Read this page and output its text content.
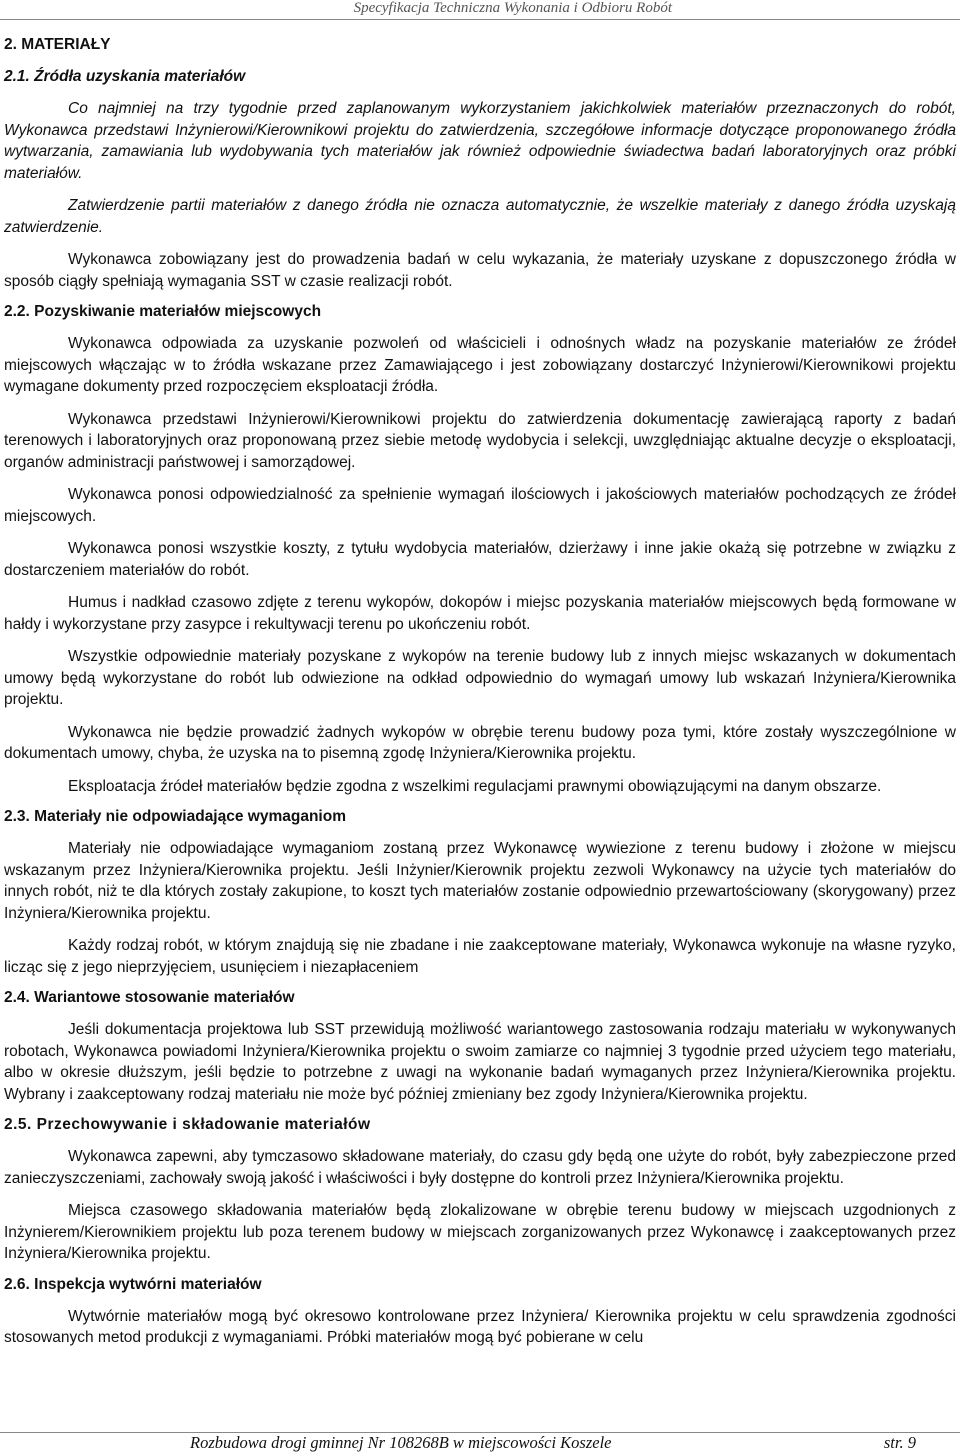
Specyfikacja Techniczna Wykonania i Odbioru Robót
2. MATERIAŁY
2.1. Źródła uzyskania materiałów

Co najmniej na trzy tygodnie przed zaplanowanym wykorzystaniem jakichkolwiek materiałów przeznaczonych do robót, Wykonawca przedstawi Inżynierowi/Kierownikowi projektu do zatwierdzenia, szczegółowe informacje dotyczące proponowanego źródła wytwarzania, zamawiania lub wydobywania tych materiałów jak również odpowiednie świadectwa badań laboratoryjnych oraz próbki materiałów.

Zatwierdzenie partii materiałów z danego źródła nie oznacza automatycznie, że wszelkie materiały z danego źródła uzyskają zatwierdzenie.

Wykonawca zobowiązany jest do prowadzenia badań w celu wykazania, że materiały uzyskane z dopuszczonego źródła w sposób ciągły spełniają wymagania SST w czasie realizacji robót.

2.2. Pozyskiwanie materiałów miejscowych

Wykonawca odpowiada za uzyskanie pozwoleń od właścicieli i odnośnych władz na pozyskanie materiałów ze źródeł miejscowych włączając w to źródła wskazane przez Zamawiającego i jest zobowiązany dostarczyć Inżynierowi/Kierownikowi projektu wymagane dokumenty przed rozpoczęciem eksploatacji źródła.

Wykonawca przedstawi Inżynierowi/Kierownikowi projektu do zatwierdzenia dokumentację zawierającą raporty z badań terenowych i laboratoryjnych oraz proponowaną przez siebie metodę wydobycia i selekcji, uwzględniając aktualne decyzje o eksploatacji, organów administracji państwowej i samorządowej.

Wykonawca ponosi odpowiedzialność za spełnienie wymagań ilościowych i jakościowych materiałów pochodzących ze źródeł miejscowych.

Wykonawca ponosi wszystkie koszty, z tytułu wydobycia materiałów, dzierżawy i inne jakie okażą się potrzebne w związku z dostarczeniem materiałów do robót.

Humus i nadkład czasowo zdjęte z terenu wykopów, dokopów i miejsc pozyskania materiałów miejscowych będą formowane w hałdy i wykorzystane przy zasypce i rekultywacji terenu po ukończeniu robót.

Wszystkie odpowiednie materiały pozyskane z wykopów na terenie budowy lub z innych miejsc wskazanych w dokumentach umowy będą wykorzystane do robót lub odwiezione na odkład odpowiednio do wymagań umowy lub wskazań Inżyniera/Kierownika projektu.

Wykonawca nie będzie prowadzić żadnych wykopów w obrębie terenu budowy poza tymi, które zostały wyszczególnione w dokumentach umowy, chyba, że uzyska na to pisemną zgodę Inżyniera/Kierownika projektu.

Eksploatacja źródeł materiałów będzie zgodna z wszelkimi regulacjami prawnymi obowiązującymi na danym obszarze.

2.3. Materiały nie odpowiadające wymaganiom

Materiały nie odpowiadające wymaganiom zostaną przez Wykonawcę wywiezione z terenu budowy i złożone w miejscu wskazanym przez Inżyniera/Kierownika projektu. Jeśli Inżynier/Kierownik projektu zezwoli Wykonawcy na użycie tych materiałów do innych robót, niż te dla których zostały zakupione, to koszt tych materiałów zostanie odpowiednio przewartościowany (skorygowany) przez Inżyniera/Kierownika projektu.

Każdy rodzaj robót, w którym znajdują się nie zbadane i nie zaakceptowane materiały, Wykonawca wykonuje na własne ryzyko, licząc się z jego nieprzyjęciem, usunięciem i niezapłaceniem

2.4. Wariantowe stosowanie materiałów

Jeśli dokumentacja projektowa lub SST przewidują możliwość wariantowego zastosowania rodzaju materiału w wykonywanych robotach, Wykonawca powiadomi Inżyniera/Kierownika projektu o swoim zamiarze co najmniej 3 tygodnie przed użyciem tego materiału, albo w okresie dłuższym, jeśli będzie to potrzebne z uwagi na wykonanie badań wymaganych przez Inżyniera/Kierownika projektu. Wybrany i zaakceptowany rodzaj materiału nie może być później zmieniany bez zgody Inżyniera/Kierownika projektu.

2.5. Przechowywanie i składowanie materiałów

Wykonawca zapewni, aby tymczasowo składowane materiały, do czasu gdy będą one użyte do robót, były zabezpieczone przed zanieczyszczeniami, zachowały swoją jakość i właściwości i były dostępne do kontroli przez Inżyniera/Kierownika projektu.

Miejsca czasowego składowania materiałów będą zlokalizowane w obrębie terenu budowy w miejscach uzgodnionych z Inżynierem/Kierownikiem projektu lub poza terenem budowy w miejscach zorganizowanych przez Wykonawcę i zaakceptowanych przez Inżyniera/Kierownika projektu.

2.6. Inspekcja wytwórni materiałów

Wytwórnie materiałów mogą być okresowo kontrolowane przez Inżyniera/ Kierownika projektu w celu sprawdzenia zgodności stosowanych metod produkcji z wymaganiami. Próbki materiałów mogą być pobierane w celu

Rozbudowa drogi gminnej Nr 108268B w miejscowości Koszele	str. 9
